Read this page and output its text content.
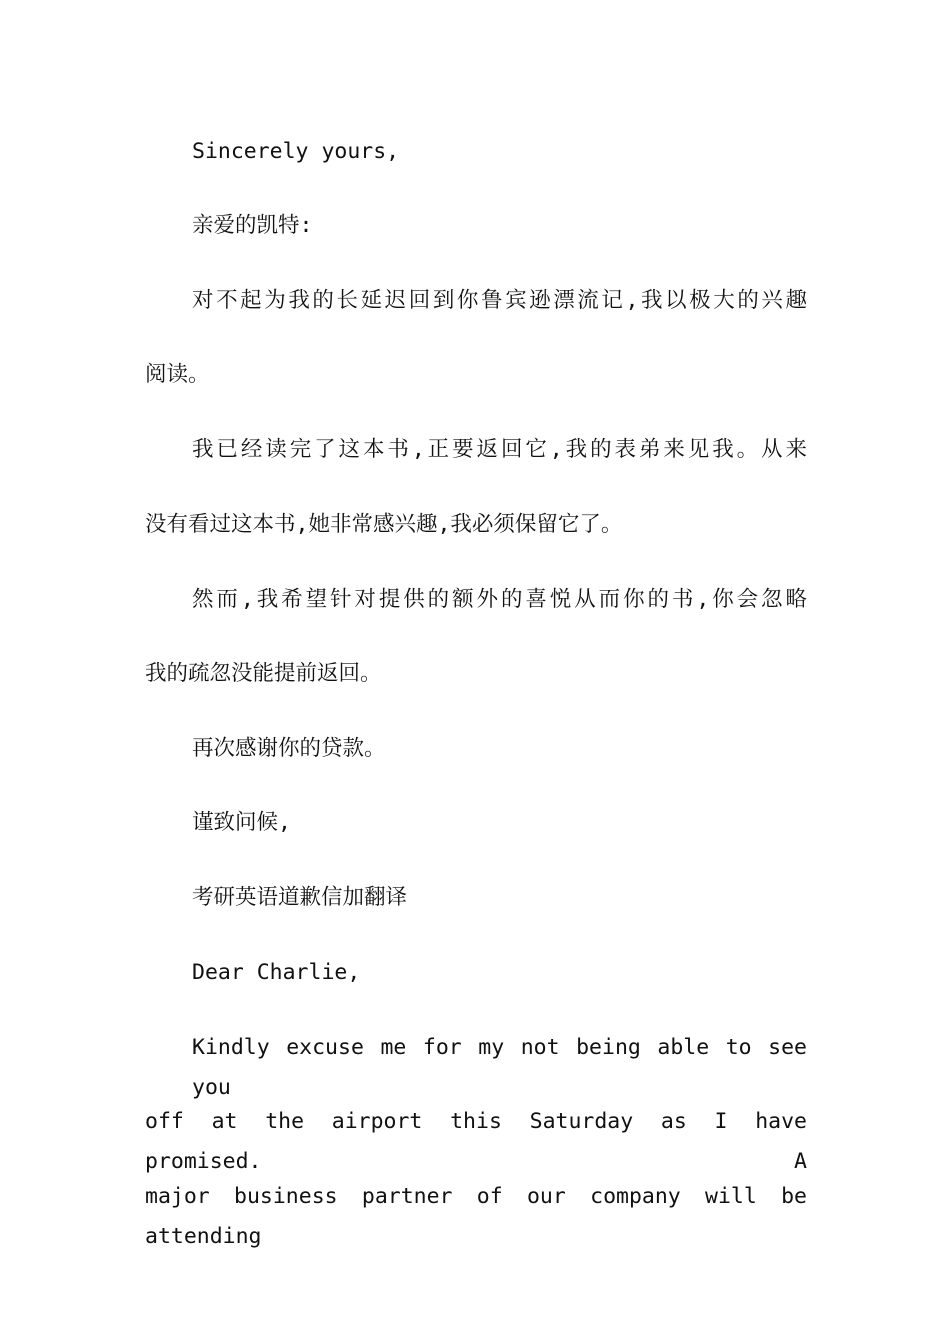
Sincerely yours,
亲爱的凯特:
对不起为我的长延迟回到你鲁宾逊漂流记,我以极大的兴趣
阅读。
我已经读完了这本书,正要返回它,我的表弟来见我。从来
没有看过这本书,她非常感兴趣,我必须保留它了。
然而,我希望针对提供的额外的喜悦从而你的书,你会忽略
我的疏忽没能提前返回。
再次感谢你的贷款。
谨致问候,
考研英语道歉信加翻译
Dear Charlie,
Kindly excuse me for my not being able to see you
off at the airport this Saturday as I have promised. A
major business partner of our company will be attending
